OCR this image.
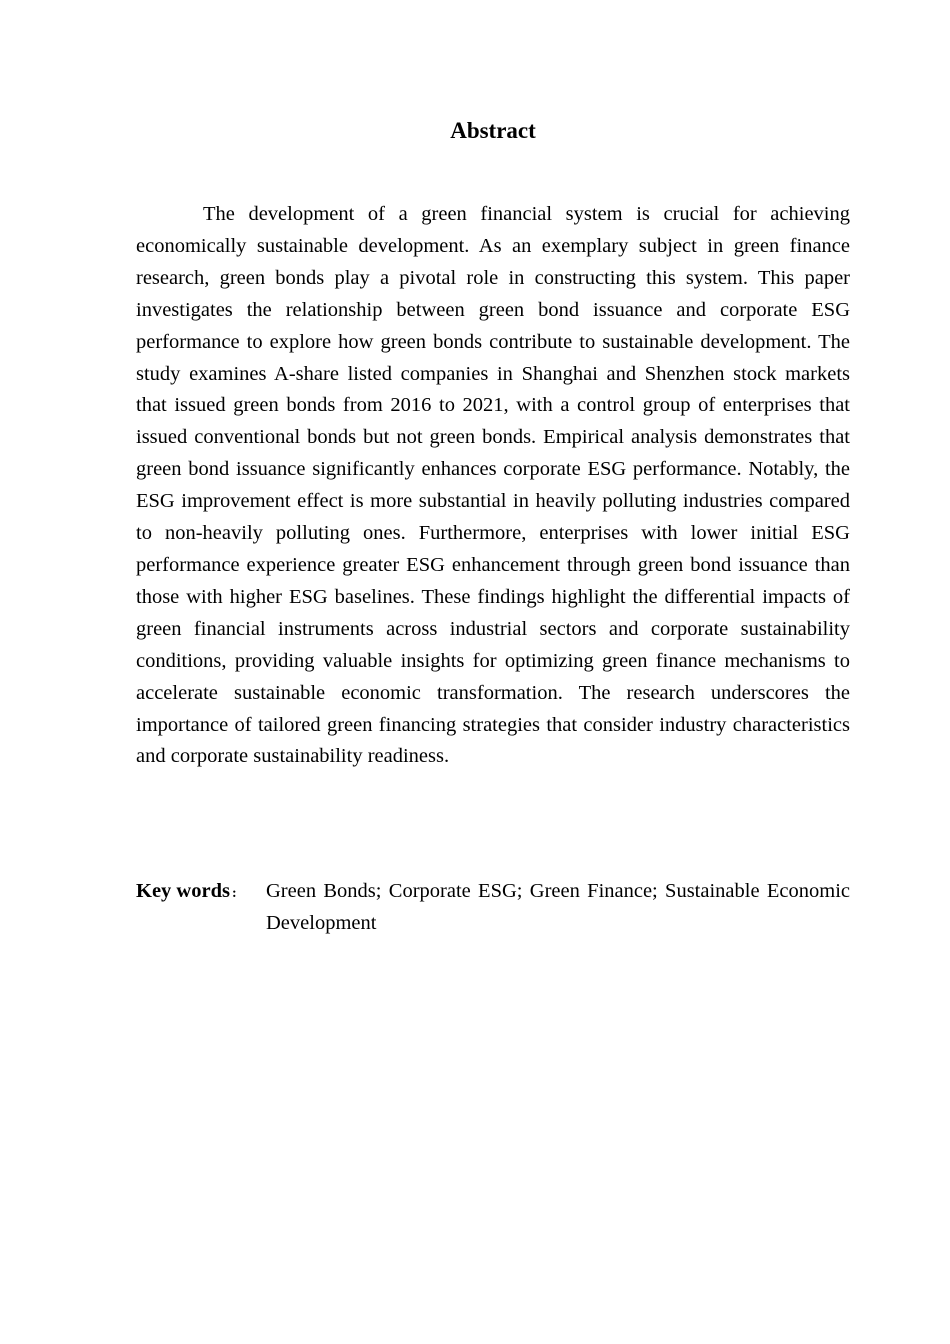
Abstract

The development of a green financial system is crucial for achieving economically sustainable development. As an exemplary subject in green finance research, green bonds play a pivotal role in constructing this system. This paper investigates the relationship between green bond issuance and corporate ESG performance to explore how green bonds contribute to sustainable development. The study examines A-share listed companies in Shanghai and Shenzhen stock markets that issued green bonds from 2016 to 2021, with a control group of enterprises that issued conventional bonds but not green bonds. Empirical analysis demonstrates that green bond issuance significantly enhances corporate ESG performance. Notably, the ESG improvement effect is more substantial in heavily polluting industries compared to non-heavily polluting ones. Furthermore, enterprises with lower initial ESG performance experience greater ESG enhancement through green bond issuance than those with higher ESG baselines. These findings highlight the differential impacts of green financial instruments across industrial sectors and corporate sustainability conditions, providing valuable insights for optimizing green finance mechanisms to accelerate sustainable economic transformation. The research underscores the importance of tailored green financing strategies that consider industry characteristics and corporate sustainability readiness.

Key words :	Green Bonds; Corporate ESG; Green Finance; Sustainable Economic Development
